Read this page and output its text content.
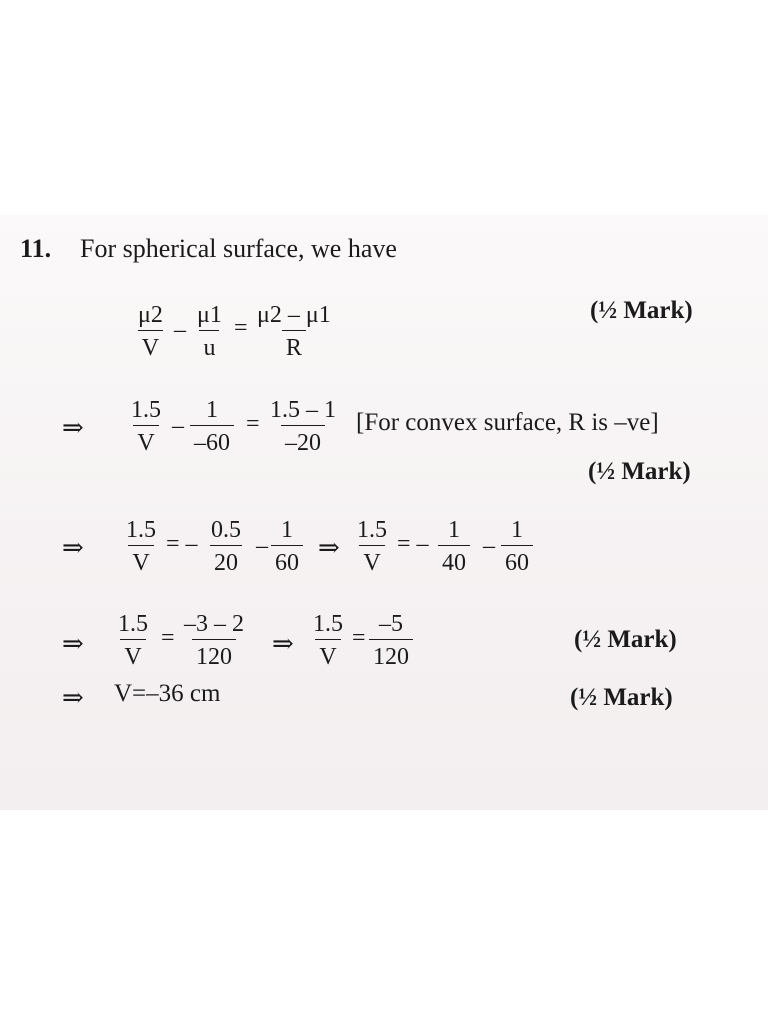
11. For spherical surface, we have
$\frac{\mu 2}{V} - \frac{\mu 1}{u} = \frac{\mu 2 - \mu 1}{R}$	(½ Mark)
⇒ $\frac{1.5}{V} - \frac{1}{-60} = \frac{1.5 - 1}{-20} [For$ convex surface, R is –ve]
(½ Mark)
⇒ $\frac{1.5}{V}$ = – $\frac{0.5}{20} - \frac{1}{60}$ ⇒ $\frac{1.5}{V}$ = – $\frac{1}{40} - \frac{1}{60}$
⇒ $\frac{1.5}{V} = \frac{-3 - 2}{120}$ ⇒ $\frac{1.5}{V} = \frac{-5}{120}$	(½ Mark)
⇒ V=–36 cm	(½ Mark)
